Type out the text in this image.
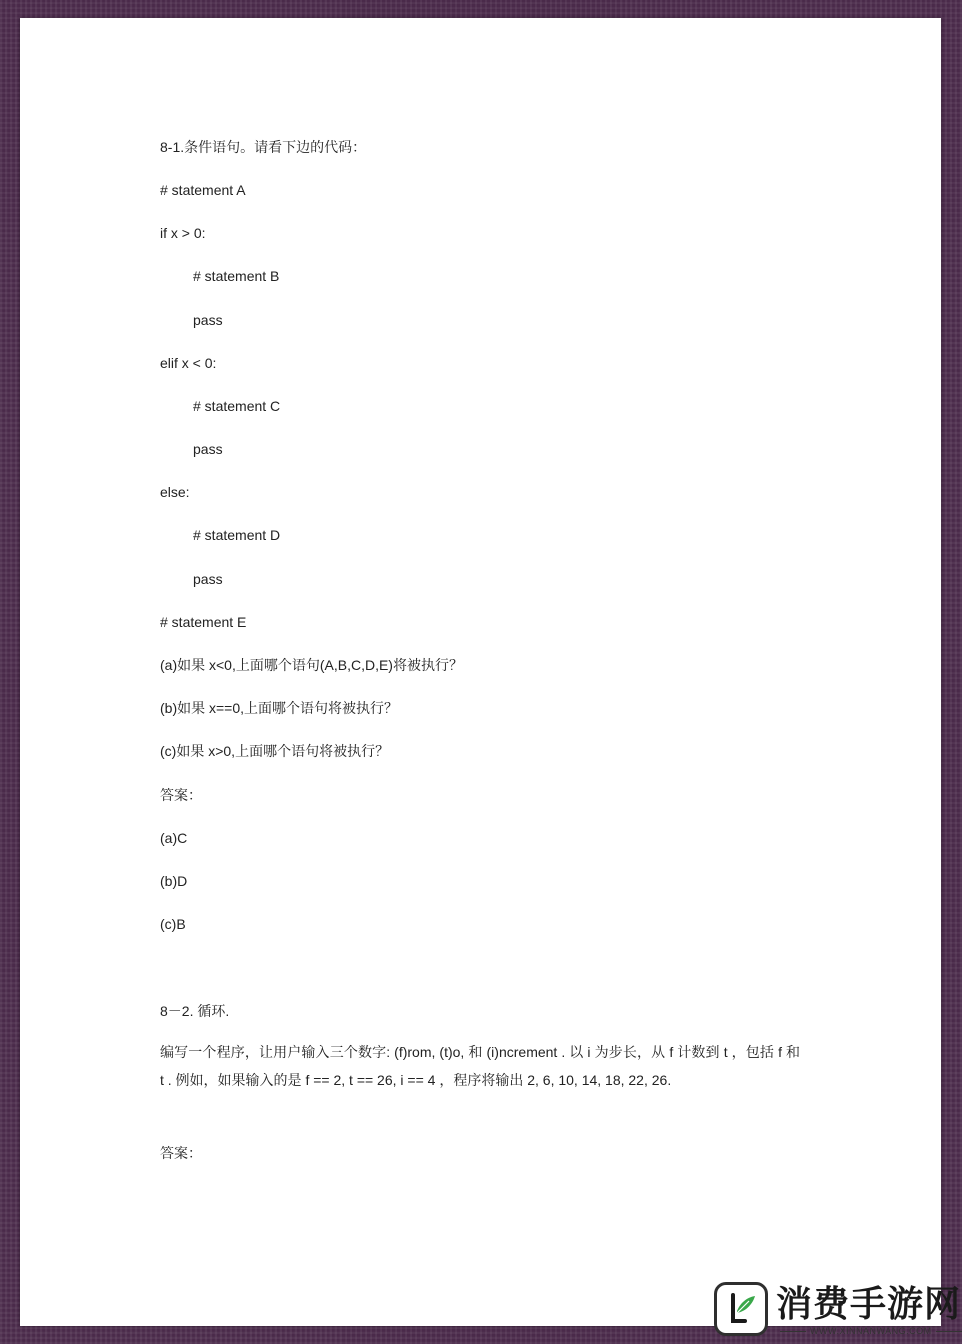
8-1.条件语句。请看下边的代码：
# statement A
if x > 0:
# statement B
pass
elif x < 0:
# statement C
pass
else:
# statement D
pass
# statement E
(a)如果 x<0,上面哪个语句(A,B,C,D,E)将被执行？
(b)如果 x==0,上面哪个语句将被执行？
(c)如果 x>0,上面哪个语句将被执行？
答案：
(a)C
(b)D
(c)B
8－2. 循环.
编写一个程序，让用户输入三个数字: (f)rom, (t)o, 和 (i)ncrement . 以 i 为步长，从 f 计数到 t ，包括 f 和 t . 例如，如果输入的是 f == 2, t == 26, i == 4 ，程序将输出 2, 6, 10, 14, 18, 22, 26.
答案：
消费手游网
WWW.XINNANWANG.COM
